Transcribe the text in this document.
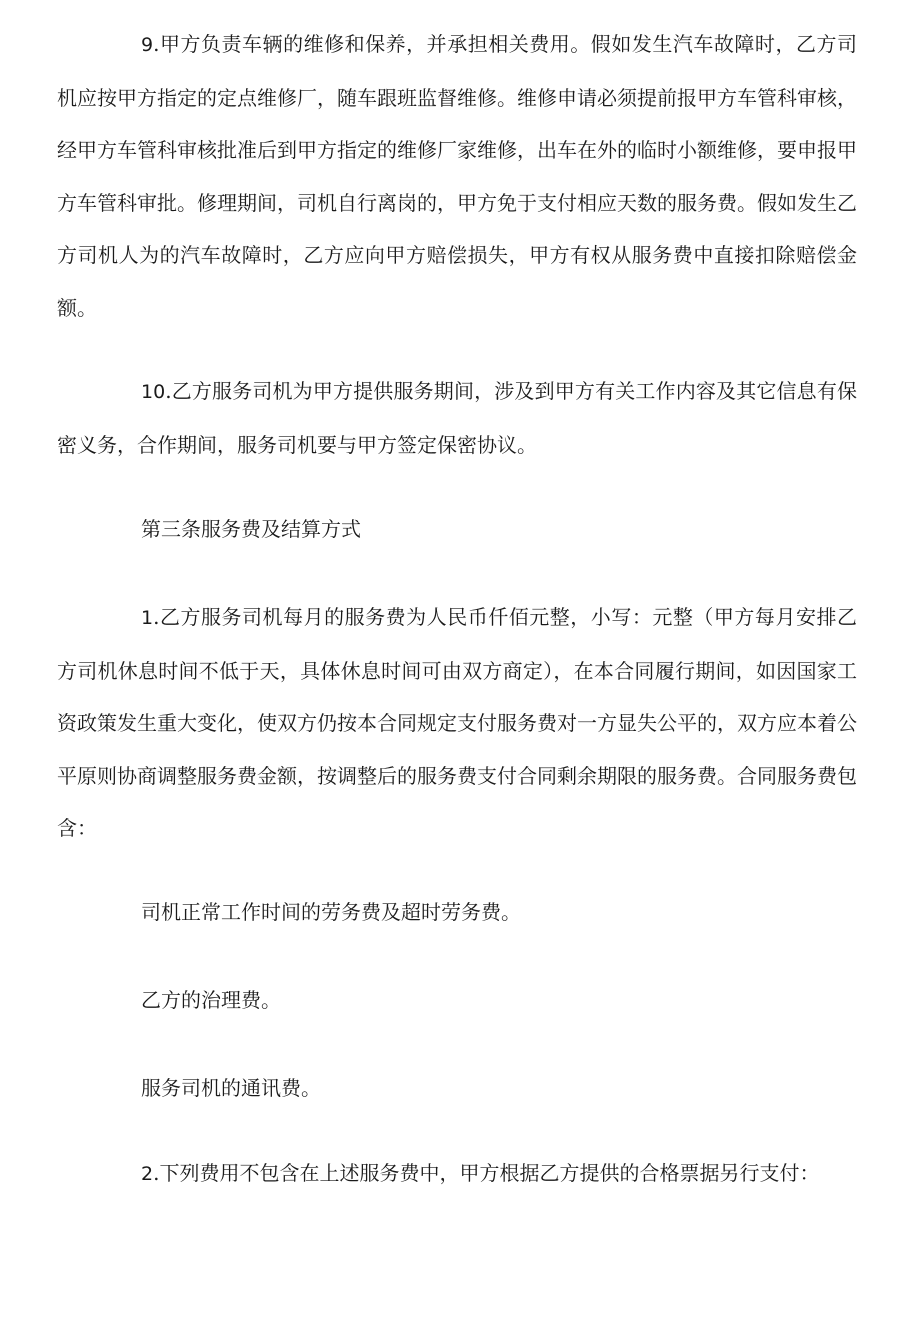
9.甲方负责车辆的维修和保养，并承担相关费用。假如发生汽车故障时，乙方司机应按甲方指定的定点维修厂，随车跟班监督维修。维修申请必须提前报甲方车管科审核，经甲方车管科审核批准后到甲方指定的维修厂家维修，出车在外的临时小额维修，要申报甲方车管科审批。修理期间，司机自行离岗的，甲方免于支付相应天数的服务费。假如发生乙方司机人为的汽车故障时，乙方应向甲方赔偿损失，甲方有权从服务费中直接扣除赔偿金额。

10.乙方服务司机为甲方提供服务期间，涉及到甲方有关工作内容及其它信息有保密义务，合作期间，服务司机要与甲方签定保密协议。

第三条服务费及结算方式

1.乙方服务司机每月的服务费为人民币仟佰元整，小写：元整（甲方每月安排乙方司机休息时间不低于天，具体休息时间可由双方商定），在本合同履行期间，如因国家工资政策发生重大变化，使双方仍按本合同规定支付服务费对一方显失公平的，双方应本着公平原则协商调整服务费金额，按调整后的服务费支付合同剩余期限的服务费。合同服务费包含：

司机正常工作时间的劳务费及超时劳务费。

乙方的治理费。

服务司机的通讯费。

2.下列费用不包含在上述服务费中，甲方根据乙方提供的合格票据另行支付：
